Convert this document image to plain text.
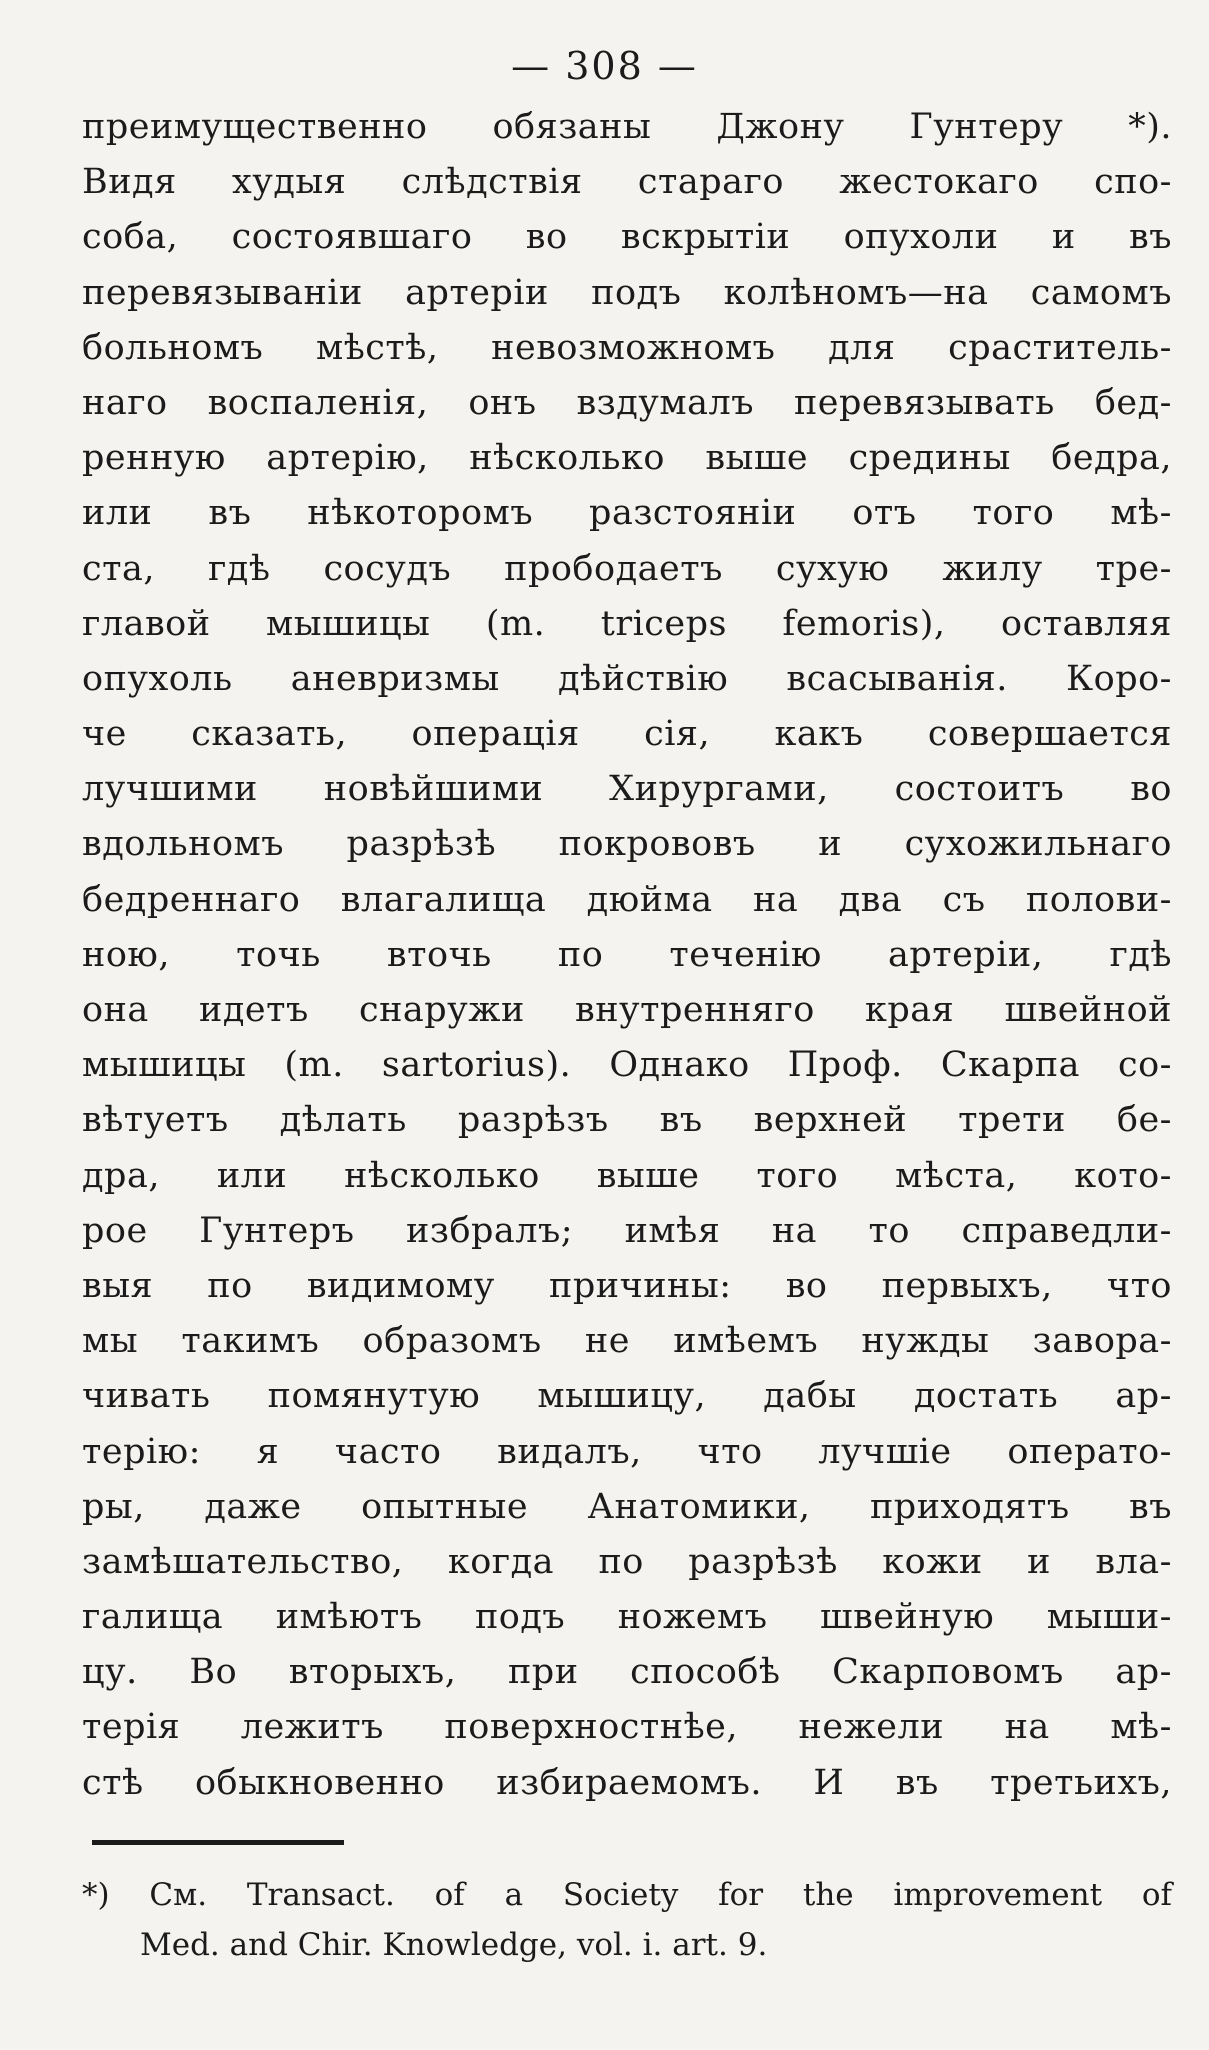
— 308 —
преимущественно обязаны Джону Гунтеру *).
Видя худыя слѣдствія стараго жестокаго спо-
соба, состоявшаго во вскрытіи опухоли и въ
перевязываніи артеріи подъ колѣномъ—на самомъ
больномъ мѣстѣ, невозможномъ для сраститель-
наго воспаленія, онъ вздумалъ перевязывать бед-
ренную артерію, нѣсколько выше средины бедра,
или въ нѣкоторомъ разстояніи отъ того мѣ-
ста, гдѣ сосудъ прободаетъ сухую жилу тре-
главой мышицы (m. triceps femoris), оставляя
опухоль аневризмы дѣйствію всасыванія. Коро-
че сказать, операція сія, какъ совершается
лучшими новѣйшими Хирургами, состоитъ во
вдольномъ разрѣзѣ покрововъ и сухожильнаго
бедреннаго влагалища дюйма на два съ полови-
ною, точь вточь по теченію артеріи, гдѣ
она идетъ снаружи внутренняго края швейной
мышицы (m. sartorius). Однако Проф. Скарпа со-
вѣтуетъ дѣлать разрѣзъ въ верхней трети бе-
дра, или нѣсколько выше того мѣста, кото-
рое Гунтеръ избралъ; имѣя на то справедли-
выя по видимому причины: во первыхъ, что
мы такимъ образомъ не имѣемъ нужды завора-
чивать помянутую мышицу, дабы достать ар-
терію: я часто видалъ, что лучшіе операто-
ры, даже опытные Анатомики, приходятъ въ
замѣшательство, когда по разрѣзѣ кожи и вла-
галища имѣютъ подъ ножемъ швейную мыши-
цу. Во вторыхъ, при способѣ Скарповомъ ар-
терія лежитъ поверхностнѣе, нежели на мѣ-
стѣ обыкновенно избираемомъ. И въ третьихъ,
*) См. Transact. of a Society for the improvement of
Med. and Chir. Knowledge, vol. i. art. 9.
